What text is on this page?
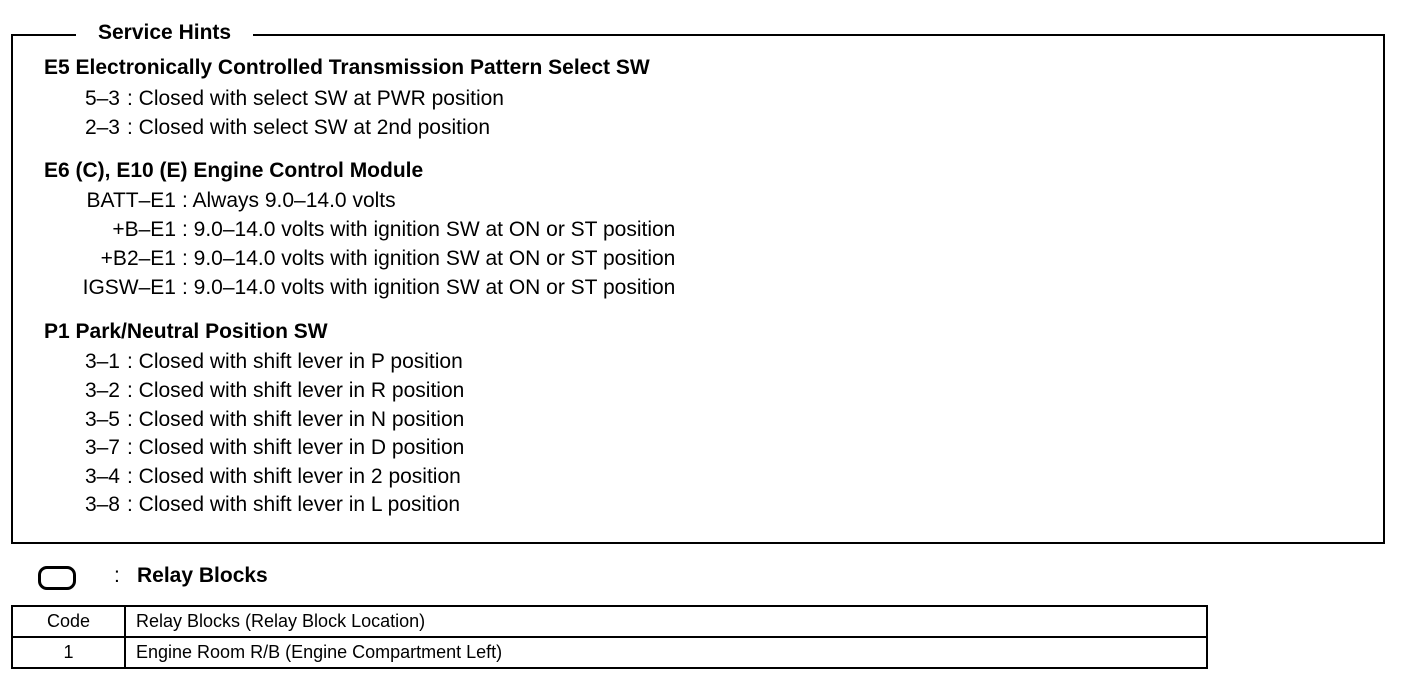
Service Hints
E5 Electronically Controlled Transmission Pattern Select SW
5–3 : Closed with select SW at PWR position
2–3 : Closed with select SW at 2nd position
E6 (C), E10 (E) Engine Control Module
BATT–E1 : Always 9.0–14.0 volts
+B–E1 : 9.0–14.0 volts with ignition SW at ON or ST position
+B2–E1 : 9.0–14.0 volts with ignition SW at ON or ST position
IGSW–E1 : 9.0–14.0 volts with ignition SW at ON or ST position
P1 Park/Neutral Position SW
3–1 : Closed with shift lever in P position
3–2 : Closed with shift lever in R position
3–5 : Closed with shift lever in N position
3–7 : Closed with shift lever in D position
3–4 : Closed with shift lever in 2 position
3–8 : Closed with shift lever in L position
: Relay Blocks
Code	Relay Blocks (Relay Block Location)
1	Engine Room R/B (Engine Compartment Left)
